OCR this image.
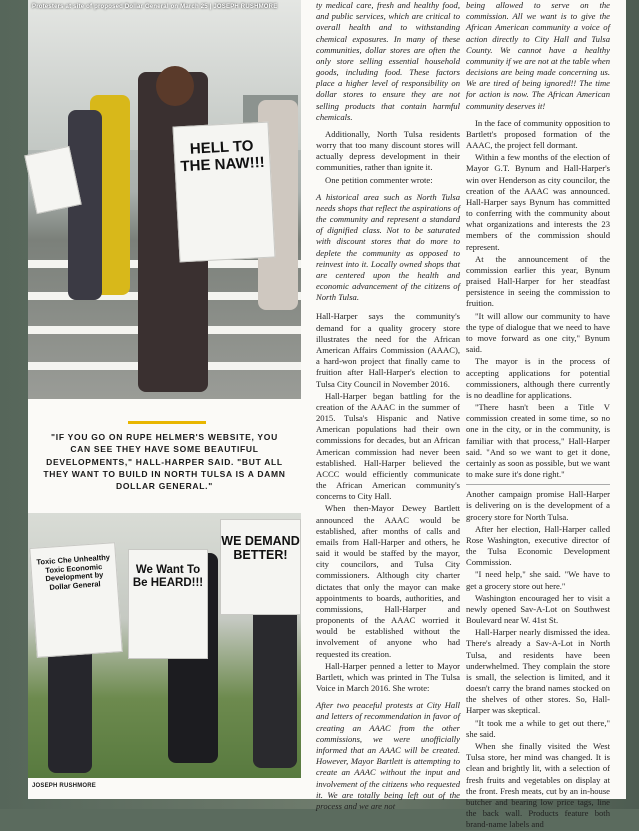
HELL TO THE NAW!!!
Protesters at site of proposed Dollar General on March 25 | JOSEPH RUSHMORE
"IF YOU GO ON RUPE HELMER'S WEBSITE, YOU CAN SEE THEY HAVE SOME BEAUTIFUL DEVELOPMENTS," HALL-HARPER SAID. "BUT ALL THEY WANT TO BUILD IN NORTH TULSA IS A DAMN DOLLAR GENERAL."
Toxic Che Unhealthy Toxic Economic Development by Dollar General
We Want To Be HEARD!!!
WE DEMAND BETTER!
JOSEPH RUSHMORE

ty medical care, fresh and healthy food, and public services, which are critical to overall health and to withstanding chemical exposures. In many of these communities, dollar stores are often the only store selling essential household goods, including food. These factors place a higher level of responsibility on dollar stores to ensure they are not selling products that contain harmful chemicals.

Additionally, North Tulsa residents worry that too many discount stores will actually depress development in their communities, rather than ignite it.

One petition commenter wrote:

A historical area such as North Tulsa needs shops that reflect the aspirations of the community and represent a standard of dignified class. Not to be saturated with discount stores that do more to deplete the community as opposed to reinvest into it. Locally owned shops that are centered upon the health and economic advancement of the citizens of North Tulsa.

Hall-Harper says the community's demand for a quality grocery store illustrates the need for the African American Affairs Commission (AAAC), a hard-won project that finally came to fruition after Hall-Harper's election to Tulsa City Council in November 2016.

Hall-Harper began battling for the creation of the AAAC in the summer of 2015. Tulsa's Hispanic and Native American populations had their own commissions for decades, but an African American commission had never been established. Hall-Harper believed the ACCC would efficiently communicate the African American community's concerns to City Hall.

When then-Mayor Dewey Bartlett announced the AAAC would be established, after months of calls and emails from Hall-Harper and others, he said it would be staffed by the mayor, city councilors, and Tulsa City commissioners. Although city charter dictates that only the mayor can make appointments to boards, authorities, and commissions, Hall-Harper and proponents of the AAAC worried it would be established without the involvement of anyone who had requested its creation.

Hall-Harper penned a letter to Mayor Bartlett, which was printed in The Tulsa Voice in March 2016. She wrote:

After two peaceful protests at City Hall and letters of recommendation in favor of creating an AAAC from the other commissions, we were unofficially informed that an AAAC will be created. However, Mayor Bartlett is attempting to create an AAAC without the input and involvement of the citizens who requested it. We are totally being left out of the process and we are not

being allowed to serve on the commission. All we want is to give the African American community a voice of action directly to City Hall and Tulsa County. We cannot have a healthy community if we are not at the table when decisions are being made concerning us. We are tired of being ignored!! The time for action is now. The African American community deserves it!

In the face of community opposition to Bartlett's proposed formation of the AAAC, the project fell dormant.

Within a few months of the election of Mayor G.T. Bynum and Hall-Harper's win over Henderson as city councilor, the creation of the AAAC was announced. Hall-Harper says Bynum has committed to conferring with the community about what organizations and interests the 23 members of the commission should represent.

At the announcement of the commission earlier this year, Bynum praised Hall-Harper for her steadfast persistence in seeing the commission to fruition.

"It will allow our community to have the type of dialogue that we need to have to move forward as one city," Bynum said.

The mayor is in the process of accepting applications for potential commissioners, although there currently is no deadline for applications.

"There hasn't been a Title V commission created in some time, so no one in the city, or in the community, is familiar with that process," Hall-Harper said. "And so we want to get it done, certainly as soon as possible, but we want to make sure it's done right."

Another campaign promise Hall-Harper is delivering on is the development of a grocery store for North Tulsa.

After her election, Hall-Harper called Rose Washington, executive director of the Tulsa Economic Development Commission.

"I need help," she said. "We have to get a grocery store out here."

Washington encouraged her to visit a newly opened Sav-A-Lot on Southwest Boulevard near W. 41st St.

Hall-Harper nearly dismissed the idea. There's already a Sav-A-Lot in North Tulsa, and residents have been underwhelmed. They complain the store is small, the selection is limited, and it doesn't carry the brand names stocked on the shelves of other stores. So, Hall-Harper was skeptical.

"It took me a while to get out there," she said.

When she finally visited the West Tulsa store, her mind was changed. It is clean and brightly lit, with a selection of fresh fruits and vegetables on display at the front. Fresh meats, cut by an in-house butcher and bearing low price tags, line the back wall. Products feature both brand-name labels and
